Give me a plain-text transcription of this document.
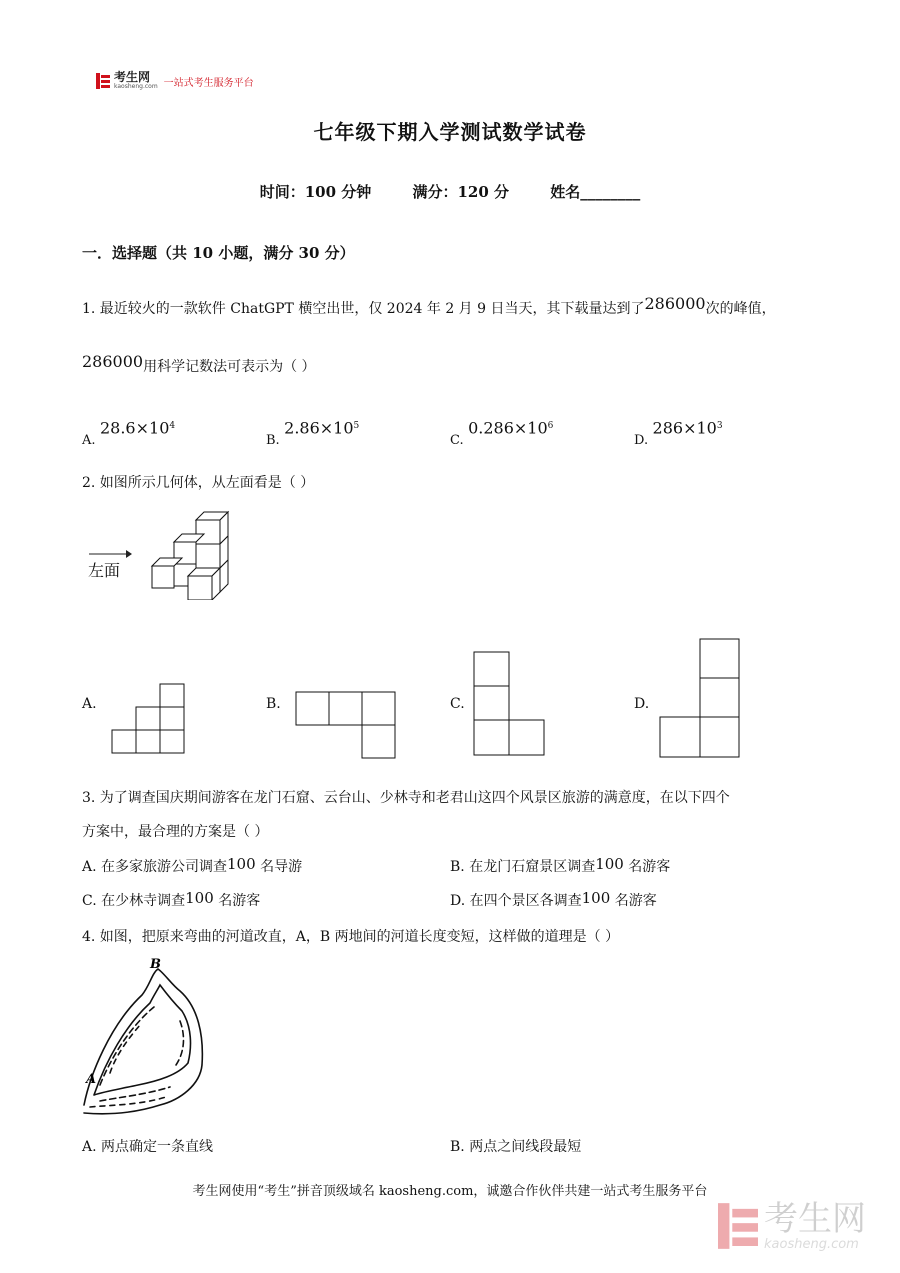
考生网
kaosheng.com 一站式考生服务平台
七年级下期入学测试数学试卷
时间：100 分钟	满分：120 分	姓名________
一．选择题（共 10 小题，满分 30 分）
1. 最近较火的一款软件 ChatGPT 横空出世，仅 2024 年 2 月 9 日当天，其下载量达到了286000次的峰值，
286000用科学记数法可表示为（ ）
A. $28.6\times 10^4$
B. $2.86\times 10^5$
C. $0.286\times 10^6$
D. $286\times 10^3$
2. 如图所示几何体，从左面看是（ ）
左面
A.	B.	C.	D.
3. 为了调查国庆期间游客在龙门石窟、云台山、少林寺和老君山这四个风景区旅游的满意度，在以下四个
方案中，最合理的方案是（ ）
A. 在多家旅游公司调查100 名导游	B. 在龙门石窟景区调查100 名游客
C. 在少林寺调查100 名游客	D. 在四个景区各调查100 名游客
4. 如图，把原来弯曲的河道改直，A，B 两地间的河道长度变短，这样做的道理是（ ）
B
A
A. 两点确定一条直线	B. 两点之间线段最短
考生网使用“考生”拼音顶级域名 kaosheng.com，诚邀合作伙伴共建一站式考生服务平台
考生网
kaosheng.com
